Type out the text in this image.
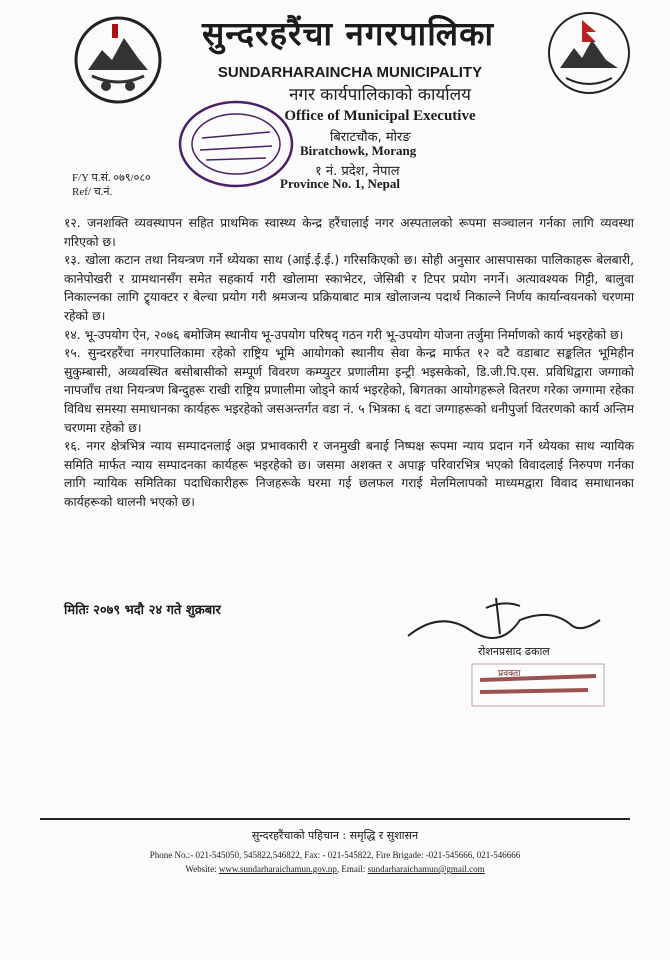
सुन्दरहरैंचा नगरपालिका
SUNDARHARAINCHA MUNICIPALITY
नगर कार्यपालिकाको कार्यालय
Office of Municipal Executive
बिराटचौक, मोरङ
Biratchowk, Morang
१ नं. प्रदेश, नेपाल
Province No. 1, Nepal
F/Y प.सं. ०७९/०८०
Ref/ च.नं.

१२. जनशक्ति व्यवस्थापन सहित प्राथमिक स्वास्थ्य केन्द्र हरैंचालाई नगर अस्पतालको रूपमा सञ्चालन गर्नका लागि व्यवस्था गरिएको छ।

१३. खोला कटान तथा नियन्त्रण गर्ने ध्येयका साथ (आई.ई.ई.) गरिसकिएको छ। सोही अनुसार आसपासका पालिकाहरू बेलबारी, कानेपोखरी र ग्रामथानसँग समेत सहकार्य गरी खोलामा स्काभेटर, जेसिबी र टिपर प्रयोग नगर्ने। अत्यावश्यक गिट्टी, बालुवा निकाल्नका लागि ट्र्याक्टर र बेल्चा प्रयोग गरी श्रमजन्य प्रक्रियाबाट मात्र खोलाजन्य पदार्थ निकाल्ने निर्णय कार्यान्वयनको चरणमा रहेको छ।

१४. भू-उपयोग ऐन, २०७६ बमोजिम स्थानीय भू-उपयोग परिषद् गठन गरी भू-उपयोग योजना तर्जुमा निर्माणको कार्य भइरहेको छ।

१५. सुन्दरहरैंचा नगरपालिकामा रहेको राष्ट्रिय भूमि आयोगको स्थानीय सेवा केन्द्र मार्फत १२ वटै वडाबाट सङ्कलित भूमिहीन सुकुम्बासी, अव्यवस्थित बसोबासीको सम्पूर्ण विवरण कम्प्युटर प्रणालीमा इन्ट्री भइसकेको, डि.जी.पि.एस. प्रविधिद्वारा जग्गाको नापजाँच तथा नियन्त्रण बिन्दुहरू राखी राष्ट्रिय प्रणालीमा जोड्ने कार्य भइरहेको, बिगतका आयोगहरूले वितरण गरेका जग्गामा रहेका विविध समस्या समाधानका कार्यहरू भइरहेको जसअन्तर्गत वडा नं. ५ भित्रका ६ वटा जग्गाहरूको धनीपुर्जा वितरणको कार्य अन्तिम चरणमा रहेको छ।

१६. नगर क्षेत्रभित्र न्याय सम्पादनलाई अझ प्रभावकारी र जनमुखी बनाई निष्पक्ष रूपमा न्याय प्रदान गर्ने ध्येयका साथ न्यायिक समिति मार्फत न्याय सम्पादनका कार्यहरू भइरहेको छ। जसमा अशक्त र अपाङ्ग परिवारभित्र भएको विवादलाई निरुपण गर्नका लागि न्यायिक समितिका पदाधिकारीहरू निजहरूके घरमा गई छलफल गराई मेलमिलापको माध्यमद्वारा विवाद समाधानका कार्यहरूको थालनी भएको छ।

मितिः २०७९ भदौ २४ गते शुक्रबार
रोशनप्रसाद ढकाल
प्रवक्ता
सुन्दरहरैंचाको पहिचान : समृद्धि र सुशासन
Phone No.:- 021-545050, 545822,546822, Fax: - 021-545822, Fire Brigade: -021-545666, 021-546666
Website: www.sundarharaichamun.gov.np, Email: sundarharaichamun@gmail.com
